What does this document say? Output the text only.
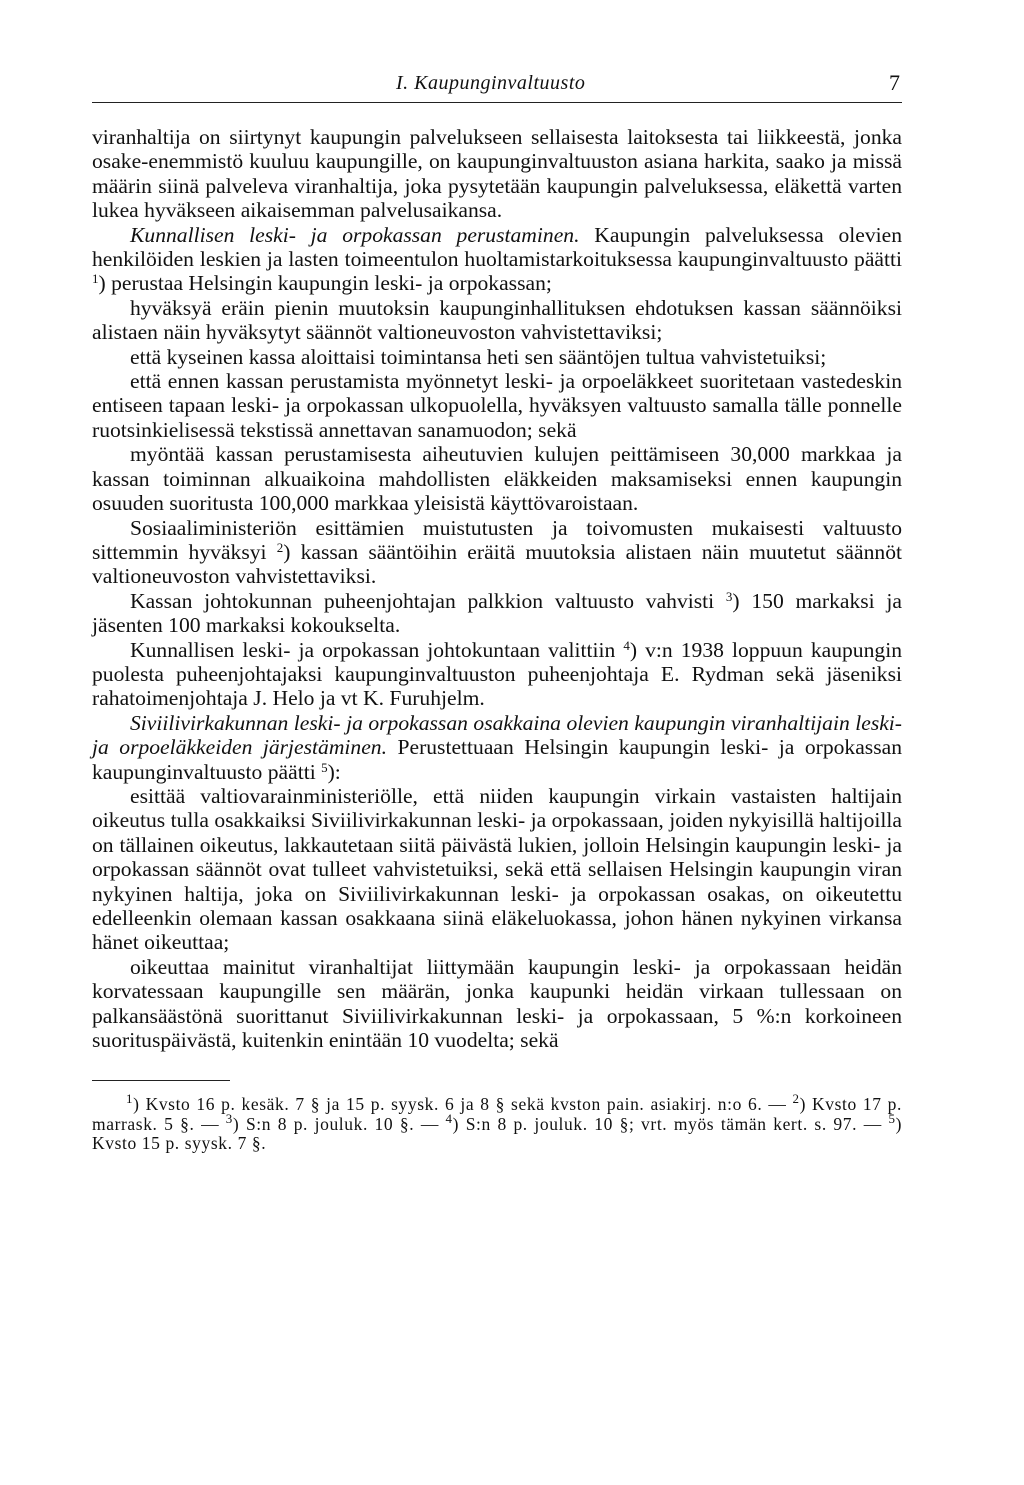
I. Kaupunginvaltuusto	7

viranhaltija on siirtynyt kaupungin palvelukseen sellaisesta laitoksesta tai liikkeestä, jonka osake-enemmistö kuuluu kaupungille, on kaupunginvaltuuston asiana harkita, saako ja missä määrin siinä palveleva viranhaltija, joka pysytetään kaupungin palveluksessa, eläkettä varten lukea hyväkseen aikaisemman palvelusaikansa.

Kunnallisen leski- ja orpokassan perustaminen. Kaupungin palveluksessa olevien henkilöiden leskien ja lasten toimeentulon huoltamistarkoituksessa kaupunginvaltuusto päätti $^1$) perustaa Helsingin kaupungin leski- ja orpokassan;

hyväksyä eräin pienin muutoksin kaupunginhallituksen ehdotuksen kassan säännöiksi alistaen näin hyväksytyt säännöt valtioneuvoston vahvistettaviksi;

että kyseinen kassa aloittaisi toimintansa heti sen sääntöjen tultua vahvistetuiksi;

että ennen kassan perustamista myönnetyt leski- ja orpoeläkkeet suoritetaan vastedeskin entiseen tapaan leski- ja orpokassan ulkopuolella, hyväksyen valtuusto samalla tälle ponnelle ruotsinkielisessä tekstissä annettavan sanamuodon; sekä

myöntää kassan perustamisesta aiheutuvien kulujen peittämiseen 30,000 markkaa ja kassan toiminnan alkuaikoina mahdollisten eläkkeiden maksamiseksi ennen kaupungin osuuden suoritusta 100,000 markkaa yleisistä käyttövaroistaan.

Sosiaaliministeriön esittämien muistutusten ja toivomusten mukaisesti valtuusto sittemmin hyväksyi $^2$) kassan sääntöihin eräitä muutoksia alistaen näin muutetut säännöt valtioneuvoston vahvistettaviksi.

Kassan johtokunnan puheenjohtajan palkkion valtuusto vahvisti $^3$) 150 markaksi ja jäsenten 100 markaksi kokoukselta.

Kunnallisen leski- ja orpokassan johtokuntaan valittiin $^4$) v:n 1938 loppuun kaupungin puolesta puheenjohtajaksi kaupunginvaltuuston puheenjohtaja E. Rydman sekä jäseniksi rahatoimenjohtaja J. Helo ja vt K. Furuhjelm.

Siviilivirkakunnan leski- ja orpokassan osakkaina olevien kaupungin viranhaltijain leski- ja orpoeläkkeiden järjestäminen. Perustettuaan Helsingin kaupungin leski- ja orpokassan kaupunginvaltuusto päätti $^5$):

esittää valtiovarainministeriölle, että niiden kaupungin virkain vastaisten haltijain oikeutus tulla osakkaiksi Siviilivirkakunnan leski- ja orpokassaan, joiden nykyisillä haltijoilla on tällainen oikeutus, lakkautetaan siitä päivästä lukien, jolloin Helsingin kaupungin leski- ja orpokassan säännöt ovat tulleet vahvistetuiksi, sekä että sellaisen Helsingin kaupungin viran nykyinen haltija, joka on Siviilivirkakunnan leski- ja orpokassan osakas, on oikeutettu edelleenkin olemaan kassan osakkaana siinä eläkeluokassa, johon hänen nykyinen virkansa hänet oikeuttaa;

oikeuttaa mainitut viranhaltijat liittymään kaupungin leski- ja orpokassaan heidän korvatessaan kaupungille sen määrän, jonka kaupunki heidän virkaan tullessaan on palkansäästönä suorittanut Siviilivirkakunnan leski- ja orpokassaan, 5 %:n korkoineen suorituspäivästä, kuitenkin enintään 10 vuodelta; sekä

$^1$) Kvsto 16 p. kesäk. 7 § ja 15 p. syysk. 6 ja 8 § sekä kvston pain. asiakirj. n:o 6. — $^2$) Kvsto 17 p. marrask. 5 §. — $^3$) S:n 8 p. jouluk. 10 §. — $^4$) S:n 8 p. jouluk. 10 §; vrt. myös tämän kert. s. 97. — $^5$) Kvsto 15 p. syysk. 7 §.
